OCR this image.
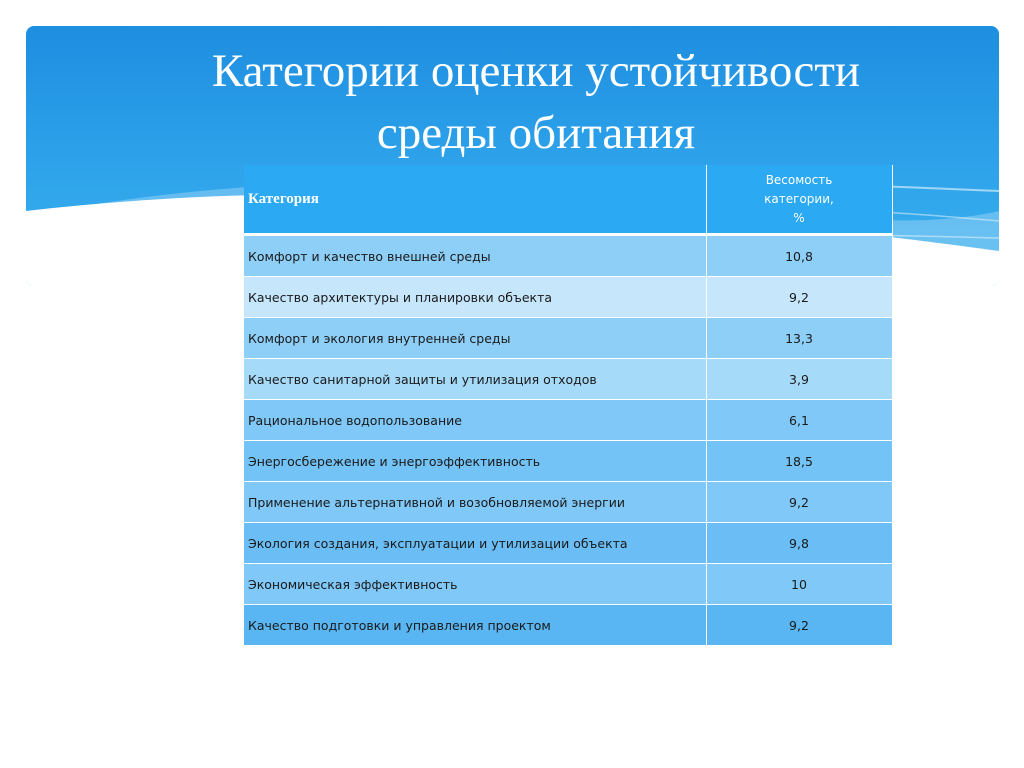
Категории оценки устойчивости
среды обитания
Категория	Весомость
категории,
%

Комфорт и качество внешней среды	10,8
Качество архитектуры и планировки объекта	9,2
Комфорт и экология внутренней среды	13,3
Качество санитарной защиты и утилизация отходов	3,9
Рациональное водопользование	6,1
Энергосбережение и энергоэффективность	18,5
Применение альтернативной и возобновляемой энергии	9,2
Экология создания, эксплуатации и утилизации объекта	9,8
Экономическая эффективность	10
Качество подготовки и управления проектом	9,2
